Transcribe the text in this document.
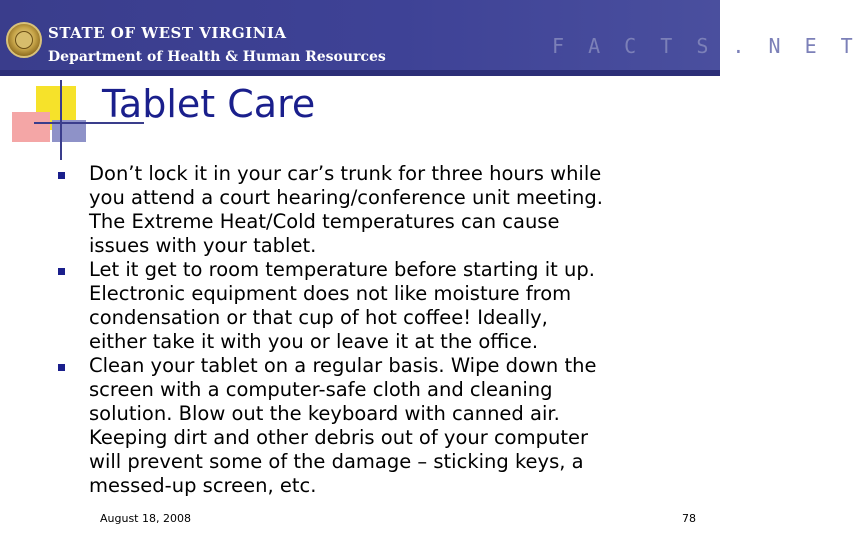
STATE OF WEST VIRGINIA
Department of Health & Human Resources	F A C T S . N E T
Tablet Care
Don’t lock it in your car’s trunk for three hours while
you attend a court hearing/conference unit meeting.
The Extreme Heat/Cold temperatures can cause
issues with your tablet.
Let it get to room temperature before starting it up.
Electronic equipment does not like moisture from
condensation or that cup of hot coffee! Ideally,
either take it with you or leave it at the office.
Clean your tablet on a regular basis. Wipe down the
screen with a computer-safe cloth and cleaning
solution. Blow out the keyboard with canned air.
Keeping dirt and other debris out of your computer
will prevent some of the damage – sticking keys, a
messed-up screen, etc.
August 18, 2008	78
